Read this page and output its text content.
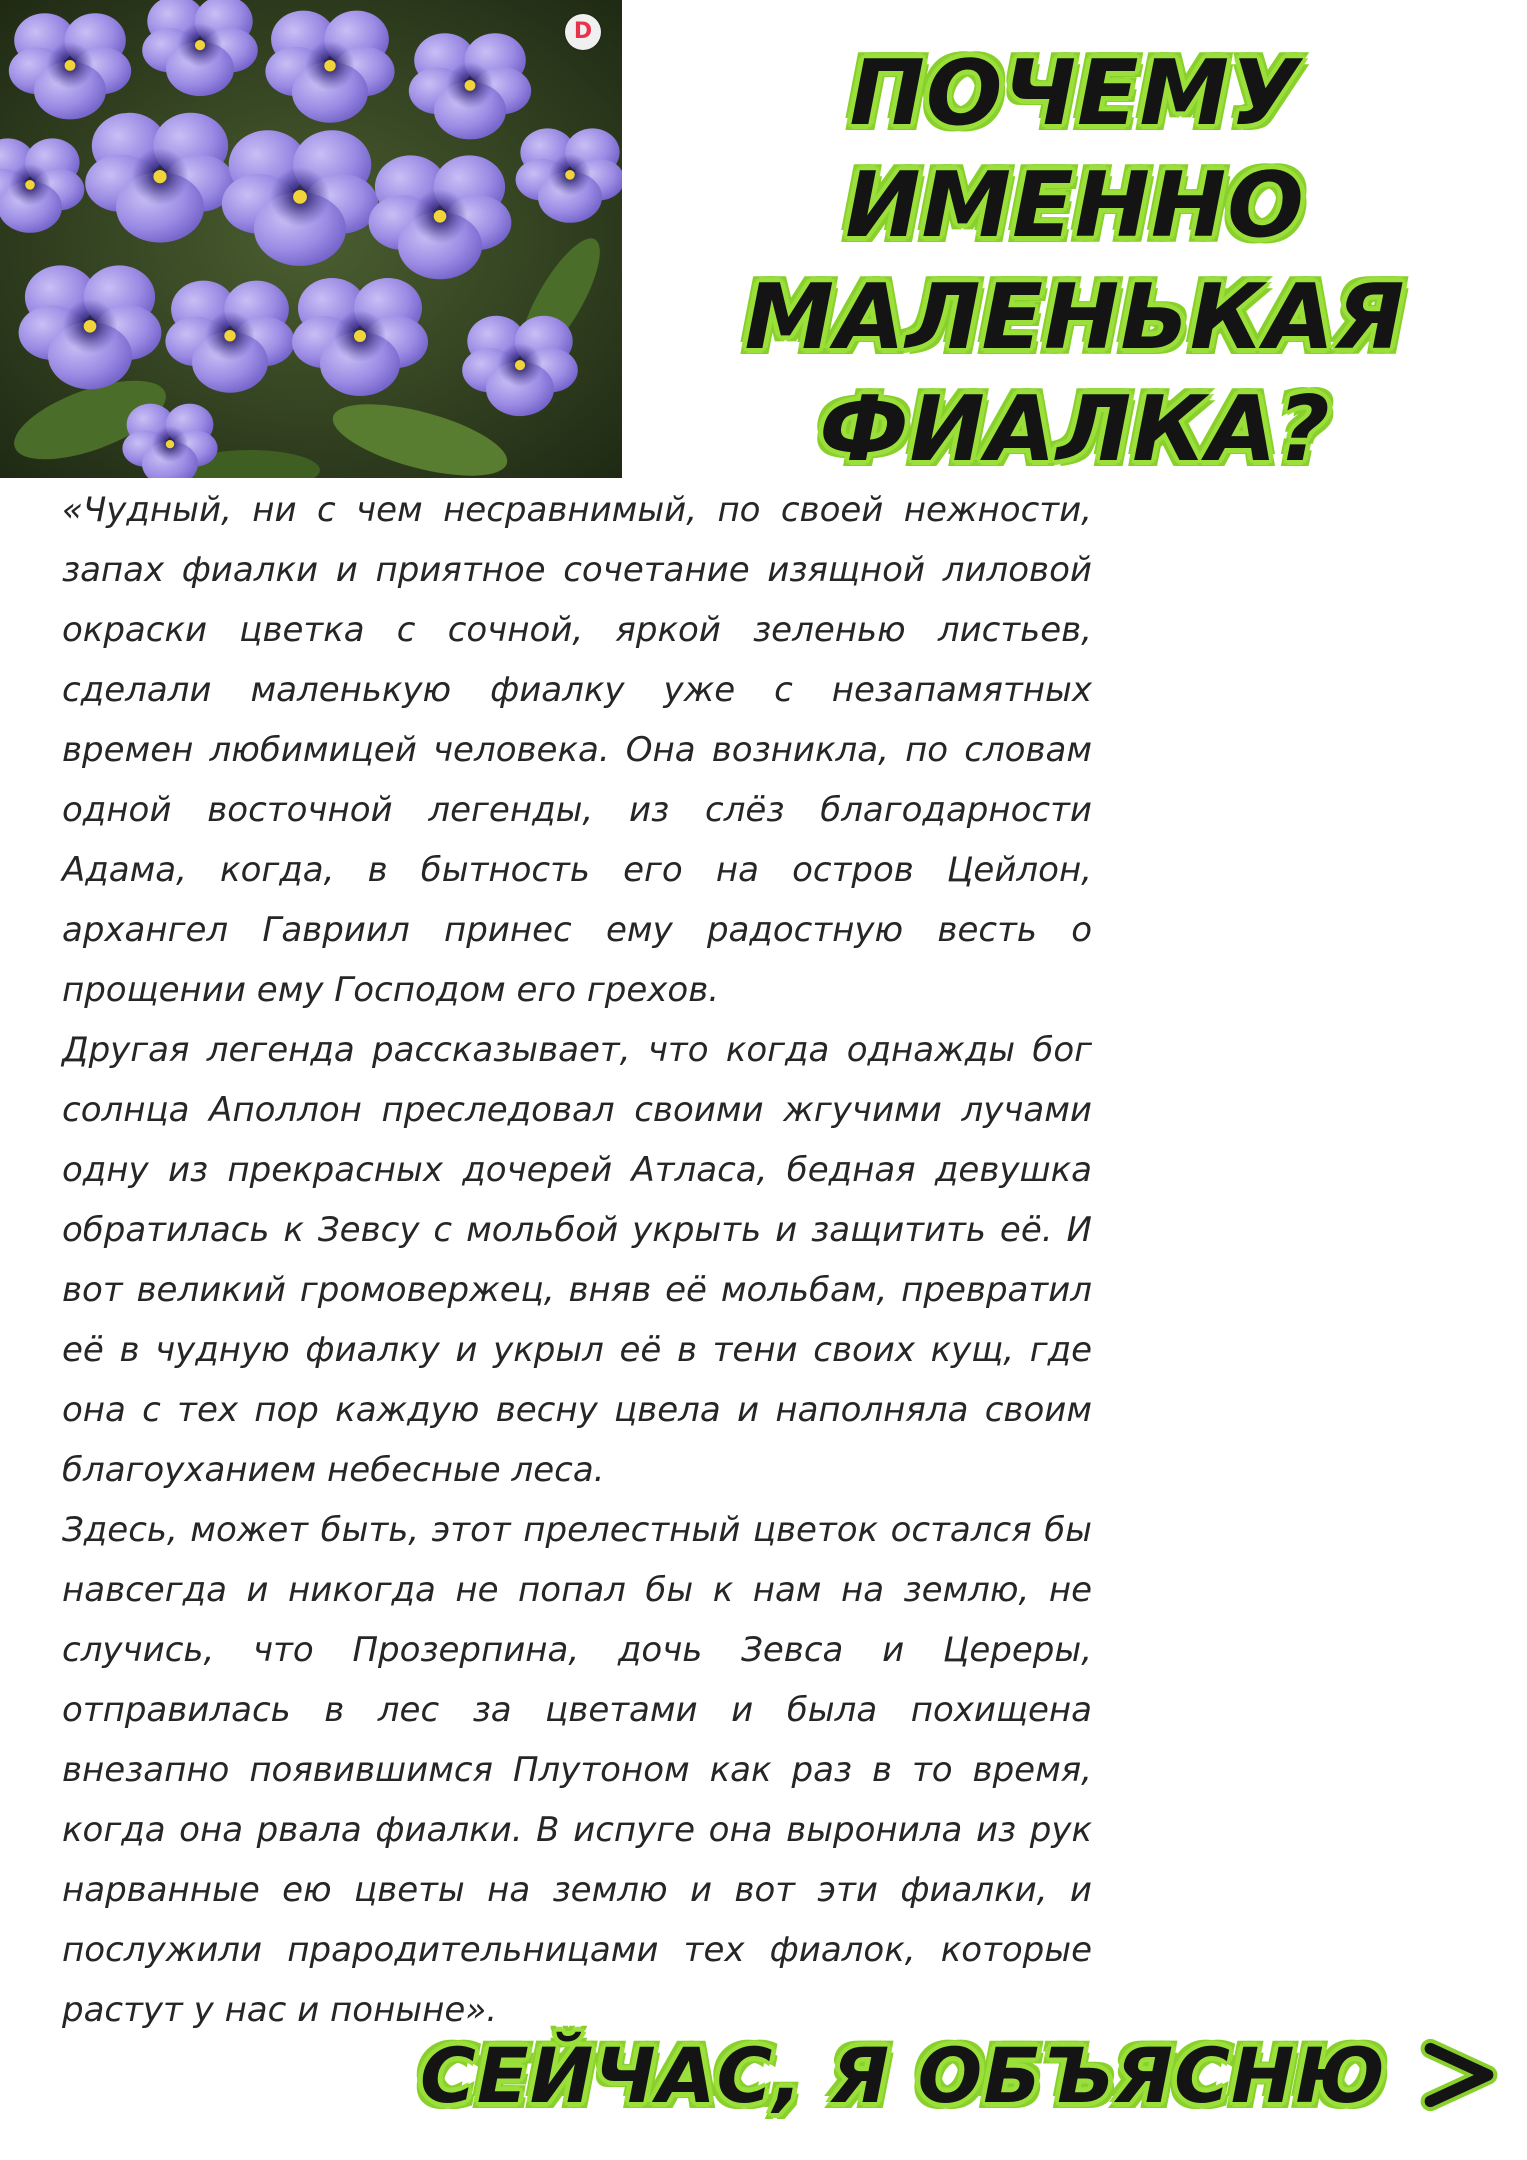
D
ПОЧЕМУ ИМЕННО
МАЛЕНЬКАЯ
ФИАЛКА?

«Чудный, ни с чем несравнимый, по своей нежности, запах фиалки и приятное сочетание изящной лиловой окраски цветка с сочной, яркой зеленью листьев, сделали маленькую фиалку уже с незапамятных времен любимицей человека. Она возникла, по словам одной восточной легенды, из слёз благодарности Адама, когда, в бытность его на остров Цейлон, архангел Гавриил принес ему радостную весть о прощении ему Господом его грехов.

Другая легенда рассказывает, что когда однажды бог солнца Аполлон преследовал своими жгучими лучами одну из прекрасных дочерей Атласа, бедная девушка обратилась к Зевсу с мольбой укрыть и защитить её. И вот великий громовержец, вняв её мольбам, превратил её в чудную фиалку и укрыл её в тени своих кущ, где она с тех пор каждую весну цвела и наполняла своим благоуханием небесные леса.

Здесь, может быть, этот прелестный цветок остался бы навсегда и никогда не попал бы к нам на землю, не случись, что Прозерпина, дочь Зевса и Цереры, отправилась в лес за цветами и была похищена внезапно появившимся Плутоном как раз в то время, когда она рвала фиалки. В испуге она выронила из рук нарванные ею цветы на землю и вот эти фиалки, и послужили прародительницами тех фиалок, которые растут у нас и поныне».

СЕЙЧАС, Я ОБЪЯСНЮ
